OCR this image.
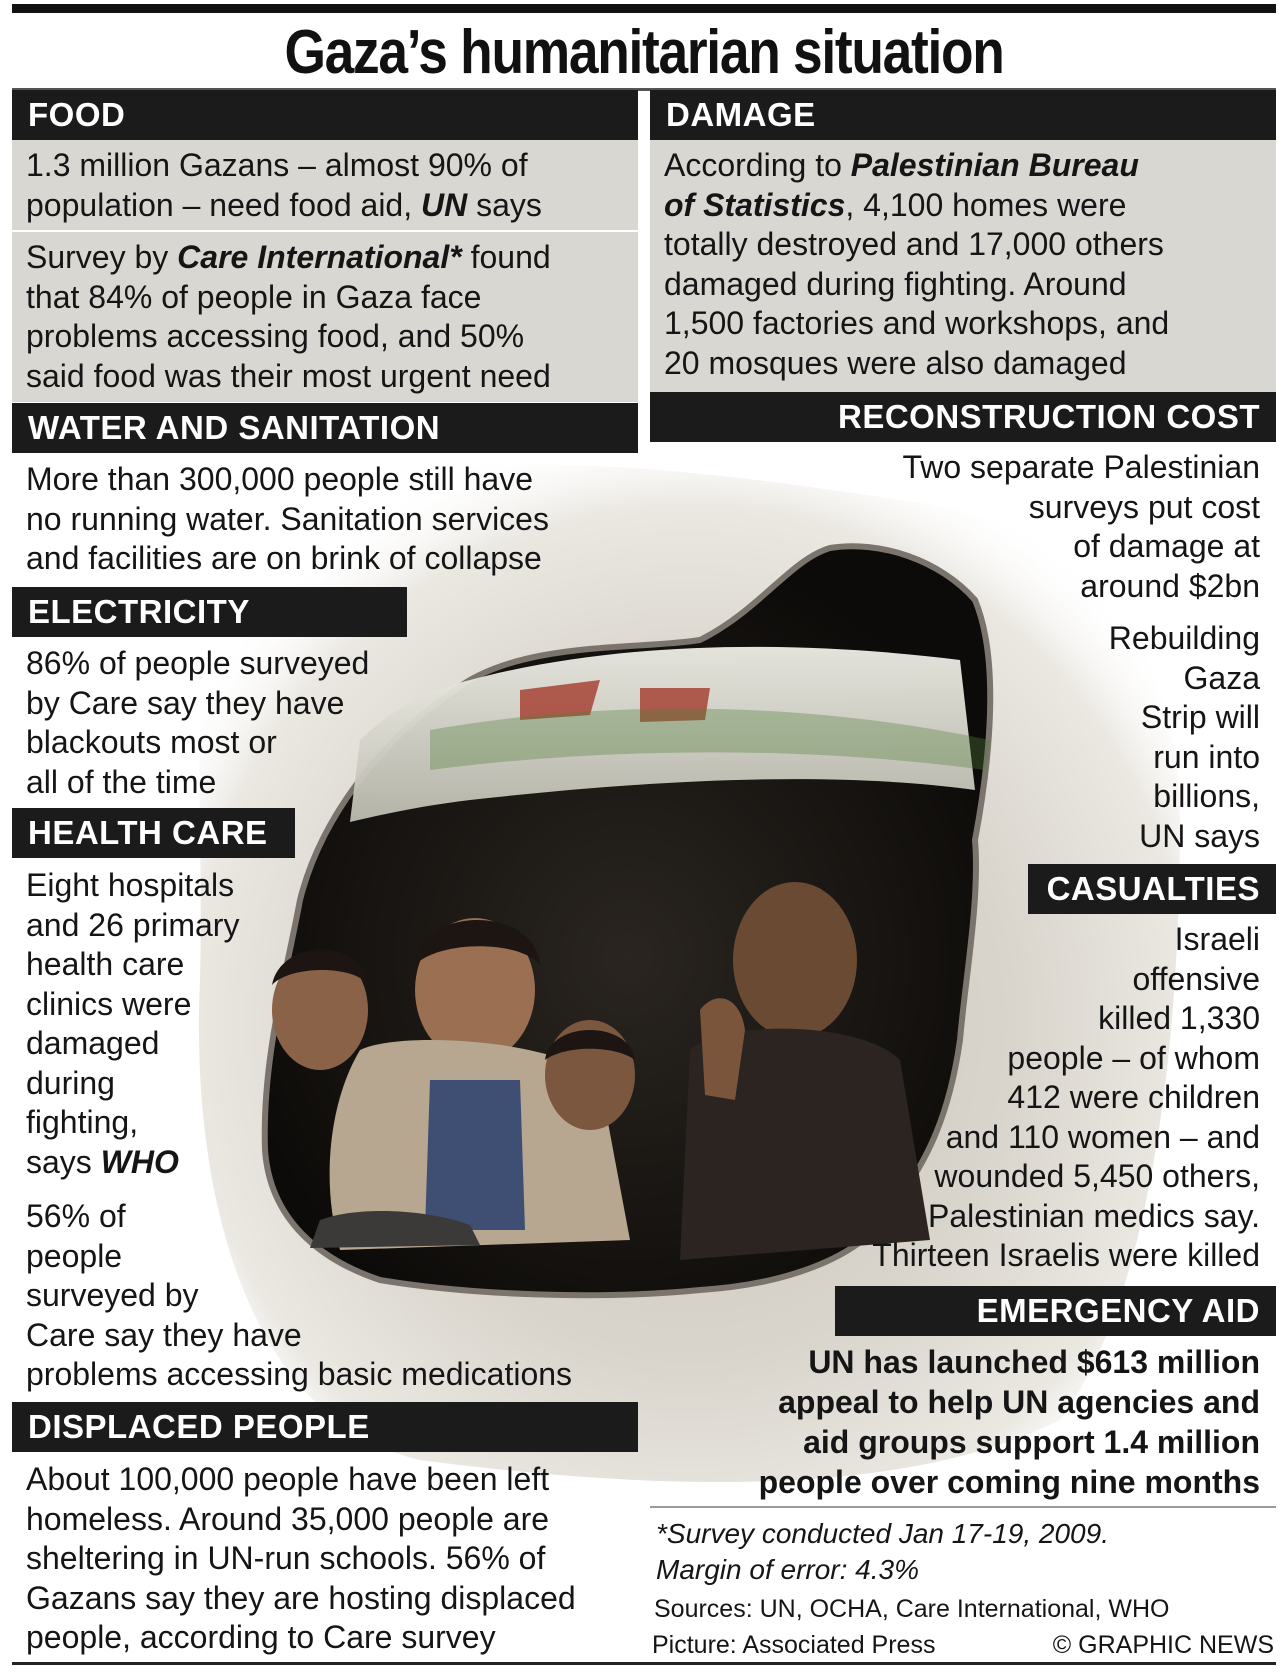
Gaza’s humanitarian situation
FOOD
1.3 million Gazans – almost 90% of
population – need food aid, UN says
Survey by Care International* found
that 84% of people in Gaza face
problems accessing food, and 50%
said food was their most urgent need
WATER AND SANITATION
More than 300,000 people still have
no running water. Sanitation services
and facilities are on brink of collapse
ELECTRICITY
86% of people surveyed
by Care say they have
blackouts most or
all of the time
HEALTH CARE
Eight hospitals
and 26 primary
health care
clinics were
damaged
during
fighting,
says WHO
56% of
people
surveyed by
Care say they have
problems accessing basic medications
DISPLACED PEOPLE
About 100,000 people have been left
homeless. Around 35,000 people are
sheltering in UN-run schools. 56% of
Gazans say they are hosting displaced
people, according to Care survey
DAMAGE
According to Palestinian Bureau
of Statistics, 4,100 homes were
totally destroyed and 17,000 others
damaged during fighting. Around
1,500 factories and workshops, and
20 mosques were also damaged
RECONSTRUCTION COST
Two separate Palestinian
surveys put cost
of damage at
around $2bn
Rebuilding
Gaza
Strip will
run into
billions,
UN says
CASUALTIES
Israeli
offensive
killed 1,330
people – of whom
412 were children
and 110 women – and
wounded 5,450 others,
Palestinian medics say.
Thirteen Israelis were killed
EMERGENCY AID
UN has launched $613 million
appeal to help UN agencies and
aid groups support 1.4 million
people over coming nine months
*Survey conducted Jan 17-19, 2009.
Margin of error: 4.3%
Sources: UN, OCHA, Care International, WHO
Picture: Associated Press	© GRAPHIC NEWS
